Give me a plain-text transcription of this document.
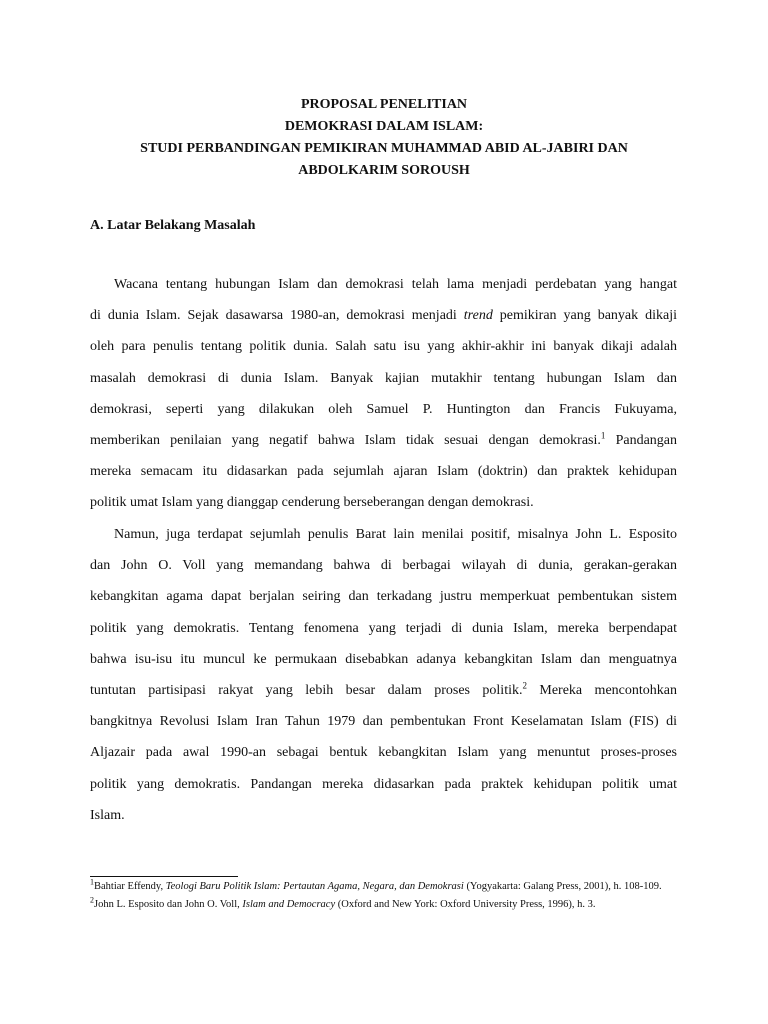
PROPOSAL PENELITIAN
DEMOKRASI DALAM ISLAM:
STUDI PERBANDINGAN PEMIKIRAN MUHAMMAD ABID AL-JABIRI DAN
ABDOLKARIM SOROUSH
A. Latar Belakang Masalah
Wacana tentang hubungan Islam dan demokrasi telah lama menjadi perdebatan yang hangat
di dunia Islam. Sejak dasawarsa 1980-an, demokrasi menjadi trend pemikiran yang banyak dikaji
oleh para penulis tentang politik dunia. Salah satu isu yang akhir-akhir ini banyak dikaji adalah
masalah demokrasi di dunia Islam. Banyak kajian mutakhir tentang hubungan Islam dan
demokrasi, seperti yang dilakukan oleh Samuel P. Huntington dan Francis Fukuyama,
memberikan penilaian yang negatif bahwa Islam tidak sesuai dengan demokrasi.$^1$ Pandangan
mereka semacam itu didasarkan pada sejumlah ajaran Islam (doktrin) dan praktek kehidupan
politik umat Islam yang dianggap cenderung berseberangan dengan demokrasi.
Namun, juga terdapat sejumlah penulis Barat lain menilai positif, misalnya John L. Esposito
dan John O. Voll yang memandang bahwa di berbagai wilayah di dunia, gerakan-gerakan
kebangkitan agama dapat berjalan seiring dan terkadang justru memperkuat pembentukan sistem
politik yang demokratis. Tentang fenomena yang terjadi di dunia Islam, mereka berpendapat
bahwa isu-isu itu muncul ke permukaan disebabkan adanya kebangkitan Islam dan menguatnya
tuntutan partisipasi rakyat yang lebih besar dalam proses politik.$^2$ Mereka mencontohkan
bangkitnya Revolusi Islam Iran Tahun 1979 dan pembentukan Front Keselamatan Islam (FIS) di
Aljazair pada awal 1990-an sebagai bentuk kebangkitan Islam yang menuntut proses-proses
politik yang demokratis. Pandangan mereka didasarkan pada praktek kehidupan politik umat
Islam.

$^1$Bahtiar Effendy, Teologi Baru Politik Islam: Pertautan Agama, Negara, dan Demokrasi (Yogyakarta: Galang Press, 2001), h. 108-109.

$^2$John L. Esposito dan John O. Voll, Islam and Democracy (Oxford and New York: Oxford University Press, 1996), h. 3.
